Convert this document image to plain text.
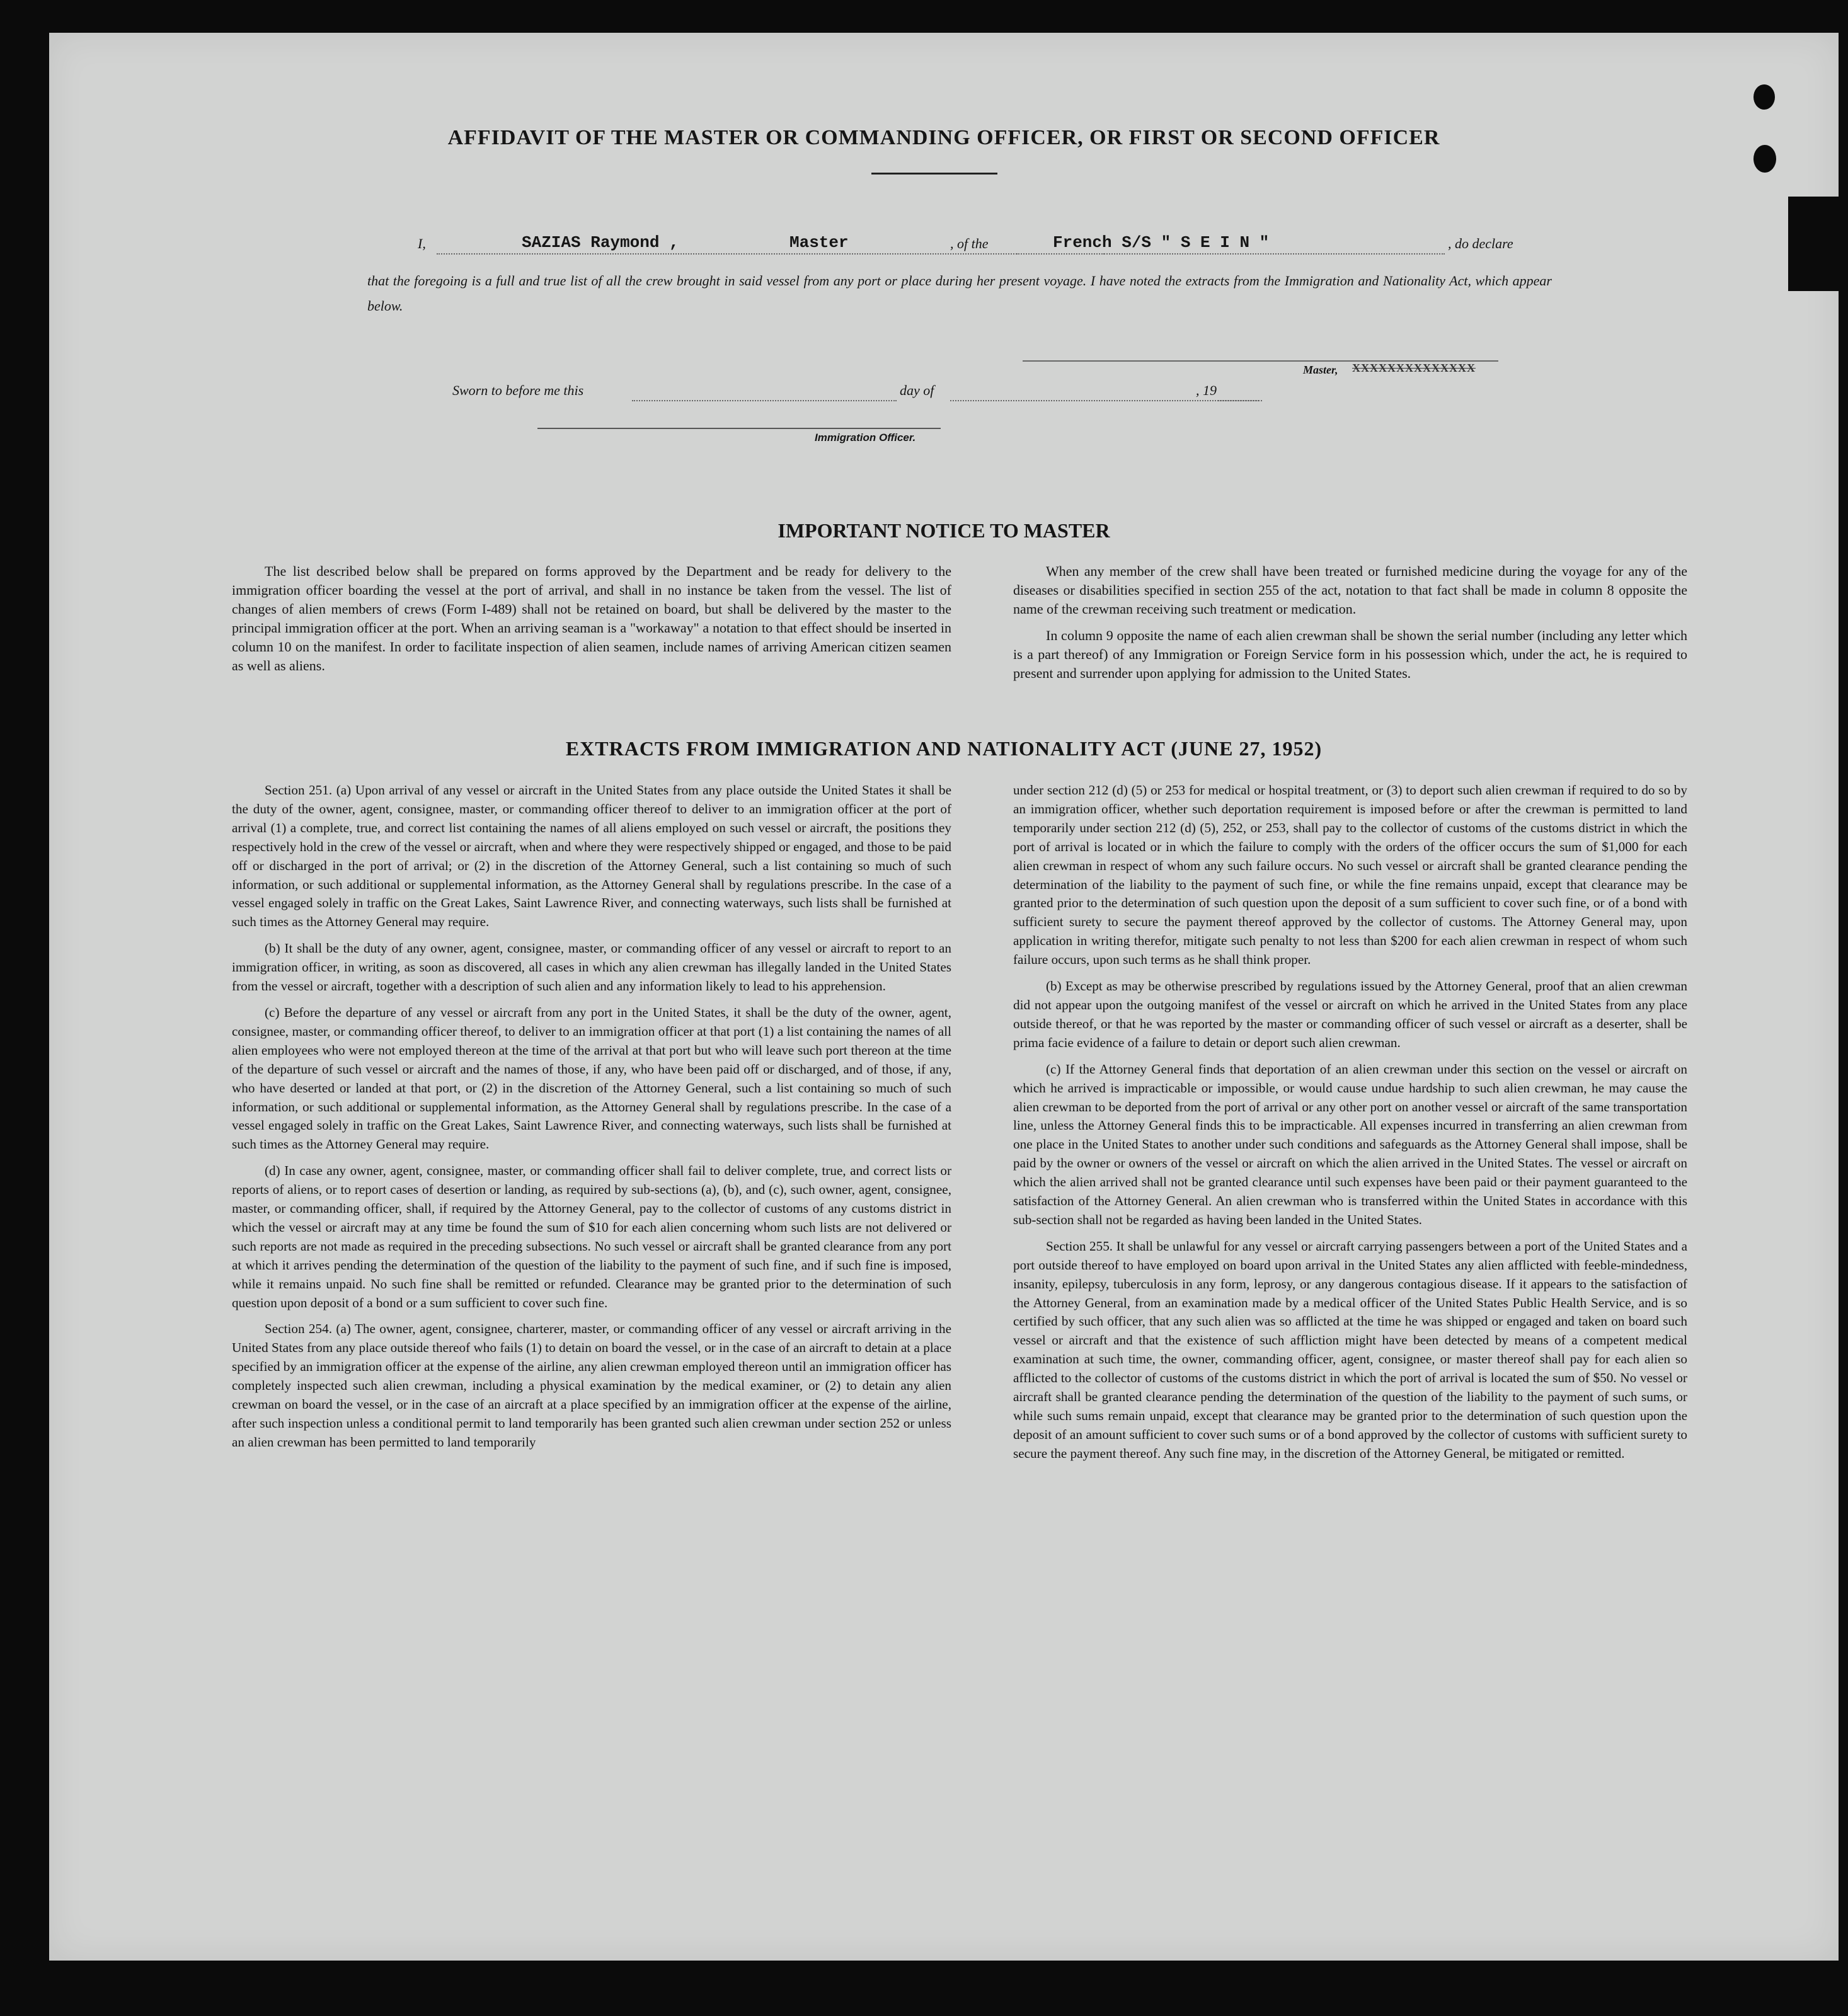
AFFIDAVIT OF THE MASTER OR COMMANDING OFFICER, OR FIRST OR SECOND OFFICER
I,	SAZIAS Raymond ,	Master	, of the	French S/S " S E I N "	, do declare

that the foregoing is a full and true list of all the crew brought in said vessel from any port or place during her present voyage. I have noted the extracts from the Immigration and Nationality Act, which appear below.

Master, XXXXXXXXXXXXXX
Sworn to before me this	day of	, 19
Immigration Officer.
IMPORTANT NOTICE TO MASTER

The list described below shall be prepared on forms approved by the Department and be ready for delivery to the immigration officer boarding the vessel at the port of arrival, and shall in no instance be taken from the vessel. The list of changes of alien members of crews (Form I-489) shall not be retained on board, but shall be delivered by the master to the principal immigration officer at the port. When an arriving seaman is a "workaway" a notation to that effect should be inserted in column 10 on the manifest. In order to facilitate inspection of alien seamen, include names of arriving American citizen seamen as well as aliens.

When any member of the crew shall have been treated or furnished medicine during the voyage for any of the diseases or disabilities specified in section 255 of the act, notation to that fact shall be made in column 8 opposite the name of the crewman receiving such treatment or medication.

In column 9 opposite the name of each alien crewman shall be shown the serial number (including any letter which is a part thereof) of any Immigration or Foreign Service form in his possession which, under the act, he is required to present and surrender upon applying for admission to the United States.

EXTRACTS FROM IMMIGRATION AND NATIONALITY ACT (JUNE 27, 1952)

Section 251. (a) Upon arrival of any vessel or aircraft in the United States from any place outside the United States it shall be the duty of the owner, agent, consignee, master, or commanding officer thereof to deliver to an immigration officer at the port of arrival (1) a complete, true, and correct list containing the names of all aliens employed on such vessel or aircraft, the positions they respectively hold in the crew of the vessel or aircraft, when and where they were respectively shipped or engaged, and those to be paid off or discharged in the port of arrival; or (2) in the discretion of the Attorney General, such a list containing so much of such information, or such additional or supplemental information, as the Attorney General shall by regulations prescribe. In the case of a vessel engaged solely in traffic on the Great Lakes, Saint Lawrence River, and connecting waterways, such lists shall be furnished at such times as the Attorney General may require.

(b) It shall be the duty of any owner, agent, consignee, master, or commanding officer of any vessel or aircraft to report to an immigration officer, in writing, as soon as discovered, all cases in which any alien crewman has illegally landed in the United States from the vessel or aircraft, together with a description of such alien and any information likely to lead to his apprehension.

(c) Before the departure of any vessel or aircraft from any port in the United States, it shall be the duty of the owner, agent, consignee, master, or commanding officer thereof, to deliver to an immigration officer at that port (1) a list containing the names of all alien employees who were not employed thereon at the time of the arrival at that port but who will leave such port thereon at the time of the departure of such vessel or aircraft and the names of those, if any, who have been paid off or discharged, and of those, if any, who have deserted or landed at that port, or (2) in the discretion of the Attorney General, such a list containing so much of such information, or such additional or supplemental information, as the Attorney General shall by regulations prescribe. In the case of a vessel engaged solely in traffic on the Great Lakes, Saint Lawrence River, and connecting waterways, such lists shall be furnished at such times as the Attorney General may require.

(d) In case any owner, agent, consignee, master, or commanding officer shall fail to deliver complete, true, and correct lists or reports of aliens, or to report cases of desertion or landing, as required by sub-sections (a), (b), and (c), such owner, agent, consignee, master, or commanding officer, shall, if required by the Attorney General, pay to the collector of customs of any customs district in which the vessel or aircraft may at any time be found the sum of $10 for each alien concerning whom such lists are not delivered or such reports are not made as required in the preceding subsections. No such vessel or aircraft shall be granted clearance from any port at which it arrives pending the determination of the question of the liability to the payment of such fine, and if such fine is imposed, while it remains unpaid. No such fine shall be remitted or refunded. Clearance may be granted prior to the determination of such question upon deposit of a bond or a sum sufficient to cover such fine.

Section 254. (a) The owner, agent, consignee, charterer, master, or commanding officer of any vessel or aircraft arriving in the United States from any place outside thereof who fails (1) to detain on board the vessel, or in the case of an aircraft to detain at a place specified by an immigration officer at the expense of the airline, any alien crewman employed thereon until an immigration officer has completely inspected such alien crewman, including a physical examination by the medical examiner, or (2) to detain any alien crewman on board the vessel, or in the case of an aircraft at a place specified by an immigration officer at the expense of the airline, after such inspection unless a conditional permit to land temporarily has been granted such alien crewman under section 252 or unless an alien crewman has been permitted to land temporarily

under section 212 (d) (5) or 253 for medical or hospital treatment, or (3) to deport such alien crewman if required to do so by an immigration officer, whether such deportation requirement is imposed before or after the crewman is permitted to land temporarily under section 212 (d) (5), 252, or 253, shall pay to the collector of customs of the customs district in which the port of arrival is located or in which the failure to comply with the orders of the officer occurs the sum of $1,000 for each alien crewman in respect of whom any such failure occurs. No such vessel or aircraft shall be granted clearance pending the determination of the liability to the payment of such fine, or while the fine remains unpaid, except that clearance may be granted prior to the determination of such question upon the deposit of a sum sufficient to cover such fine, or of a bond with sufficient surety to secure the payment thereof approved by the collector of customs. The Attorney General may, upon application in writing therefor, mitigate such penalty to not less than $200 for each alien crewman in respect of whom such failure occurs, upon such terms as he shall think proper.

(b) Except as may be otherwise prescribed by regulations issued by the Attorney General, proof that an alien crewman did not appear upon the outgoing manifest of the vessel or aircraft on which he arrived in the United States from any place outside thereof, or that he was reported by the master or commanding officer of such vessel or aircraft as a deserter, shall be prima facie evidence of a failure to detain or deport such alien crewman.

(c) If the Attorney General finds that deportation of an alien crewman under this section on the vessel or aircraft on which he arrived is impracticable or impossible, or would cause undue hardship to such alien crewman, he may cause the alien crewman to be deported from the port of arrival or any other port on another vessel or aircraft of the same transportation line, unless the Attorney General finds this to be impracticable. All expenses incurred in transferring an alien crewman from one place in the United States to another under such conditions and safeguards as the Attorney General shall impose, shall be paid by the owner or owners of the vessel or aircraft on which the alien arrived in the United States. The vessel or aircraft on which the alien arrived shall not be granted clearance until such expenses have been paid or their payment guaranteed to the satisfaction of the Attorney General. An alien crewman who is transferred within the United States in accordance with this sub-section shall not be regarded as having been landed in the United States.

Section 255. It shall be unlawful for any vessel or aircraft carrying passengers between a port of the United States and a port outside thereof to have employed on board upon arrival in the United States any alien afflicted with feeble-mindedness, insanity, epilepsy, tuberculosis in any form, leprosy, or any dangerous contagious disease. If it appears to the satisfaction of the Attorney General, from an examination made by a medical officer of the United States Public Health Service, and is so certified by such officer, that any such alien was so afflicted at the time he was shipped or engaged and taken on board such vessel or aircraft and that the existence of such affliction might have been detected by means of a competent medical examination at such time, the owner, commanding officer, agent, consignee, or master thereof shall pay for each alien so afflicted to the collector of customs of the customs district in which the port of arrival is located the sum of $50. No vessel or aircraft shall be granted clearance pending the determination of the question of the liability to the payment of such sums, or while such sums remain unpaid, except that clearance may be granted prior to the determination of such question upon the deposit of an amount sufficient to cover such sums or of a bond approved by the collector of customs with sufficient surety to secure the payment thereof. Any such fine may, in the discretion of the Attorney General, be mitigated or remitted.
